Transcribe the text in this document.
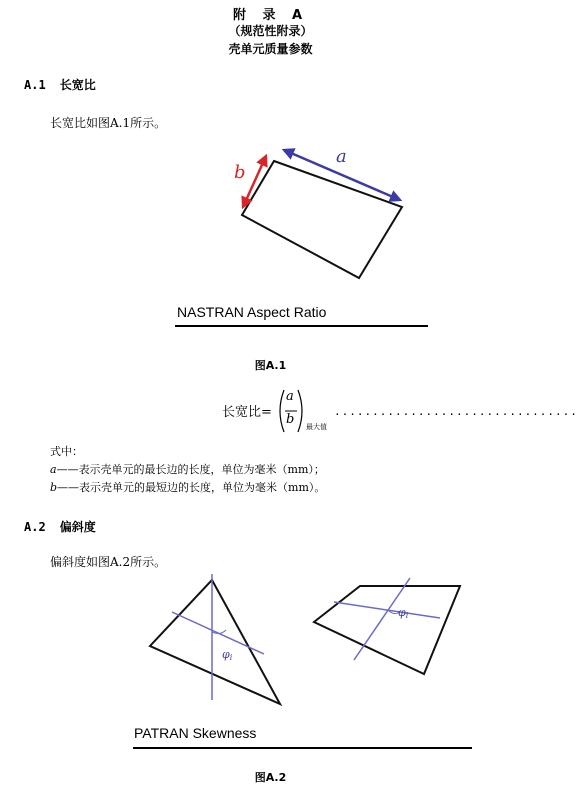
附 录 A
（规范性附录）
壳单元质量参数
A.1 长宽比
长宽比如图A.1所示。
b
a
NASTRAN Aspect Ratio
图A.1
长宽比=
a
b 最大值
................................
式中：
a——表示壳单元的最长边的长度，单位为毫米（mm）；
b——表示壳单元的最短边的长度，单位为毫米（mm）。
A.2 偏斜度
偏斜度如图A.2所示。
φi
φi
PATRAN Skewness
图A.2
